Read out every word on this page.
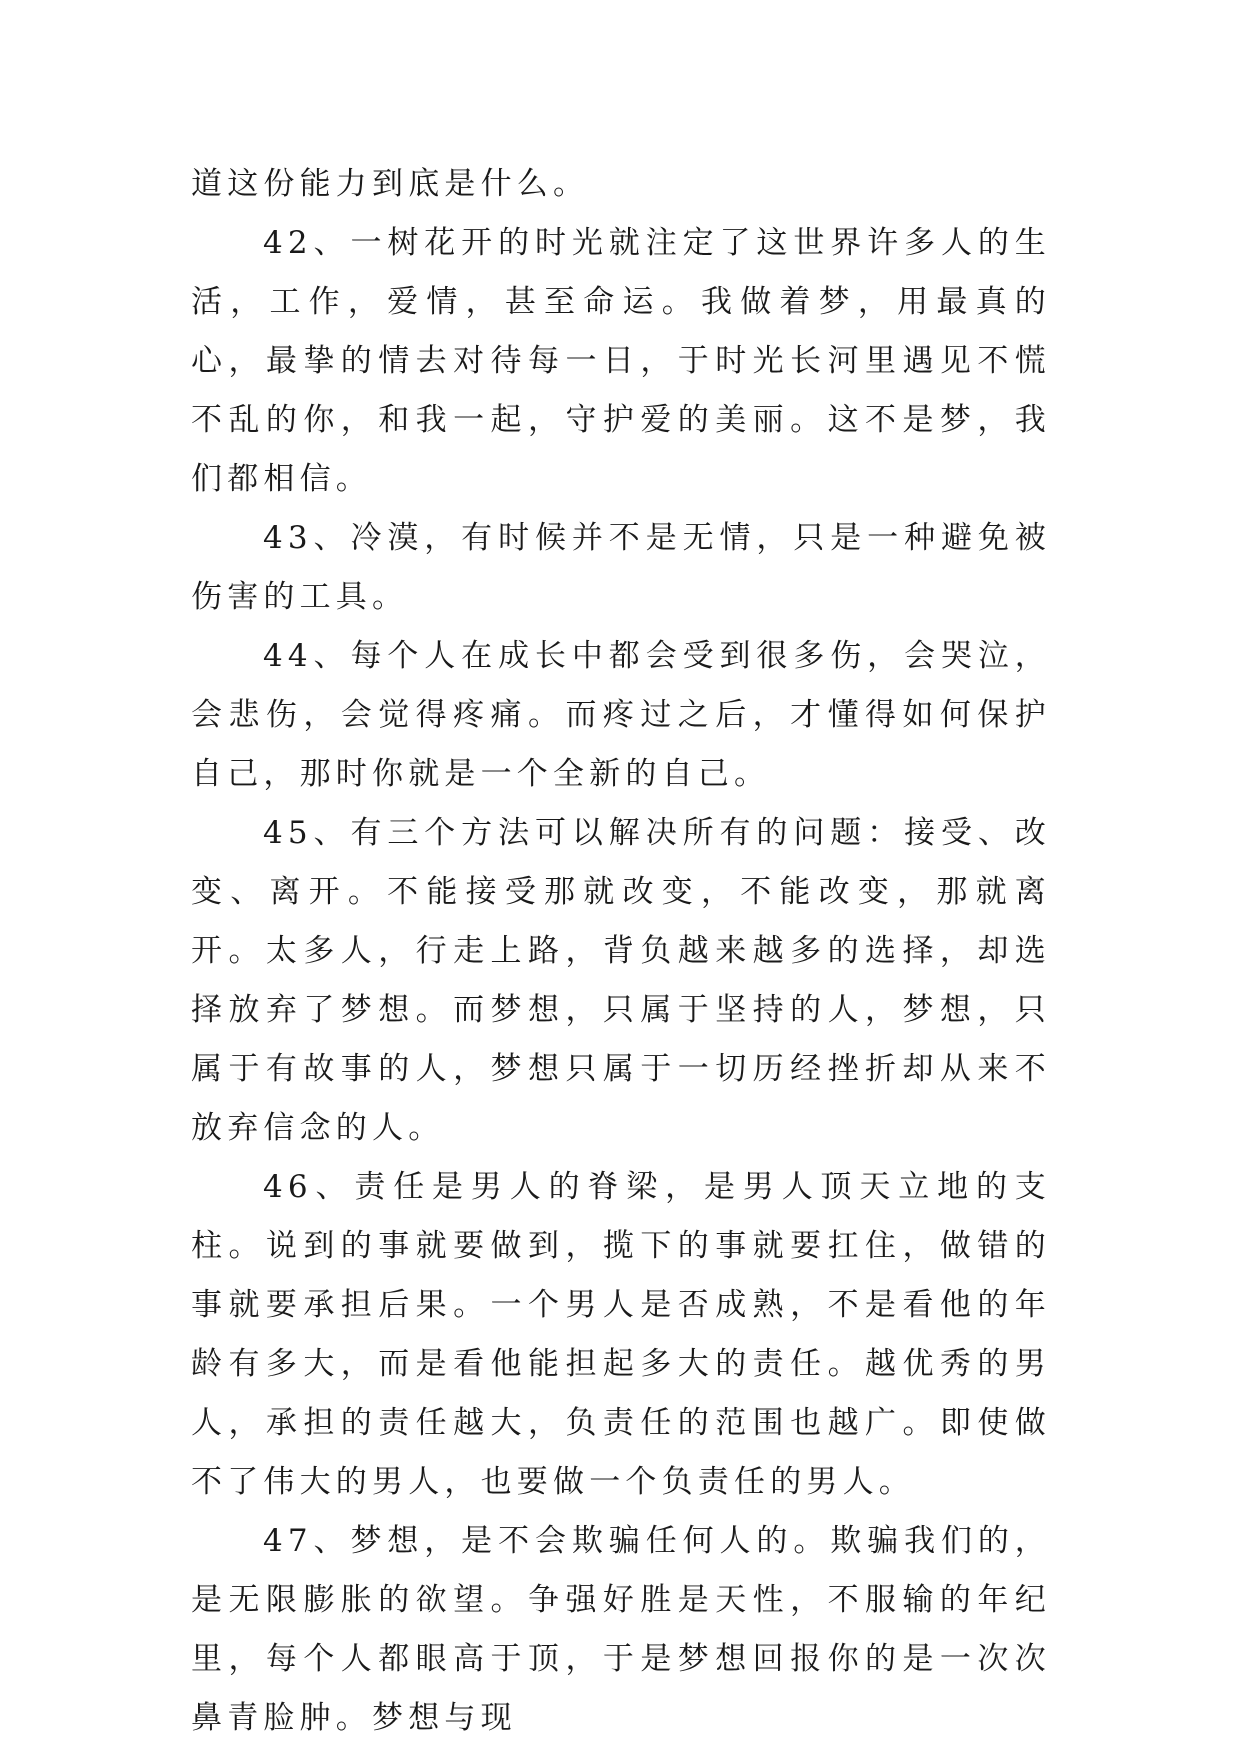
道这份能力到底是什么。

42、一树花开的时光就注定了这世界许多人的生活，工作，爱情，甚至命运。我做着梦，用最真的心，最挚的情去对待每一日，于时光长河里遇见不慌不乱的你，和我一起，守护爱的美丽。这不是梦，我们都相信。

43、冷漠，有时候并不是无情，只是一种避免被伤害的工具。

44、每个人在成长中都会受到很多伤，会哭泣，会悲伤，会觉得疼痛。而疼过之后，才懂得如何保护自己，那时你就是一个全新的自己。

45、有三个方法可以解决所有的问题：接受、改变、离开。不能接受那就改变，不能改变，那就离开。太多人，行走上路，背负越来越多的选择，却选择放弃了梦想。而梦想，只属于坚持的人，梦想，只属于有故事的人，梦想只属于一切历经挫折却从来不放弃信念的人。

46、责任是男人的脊梁，是男人顶天立地的支柱。说到的事就要做到，揽下的事就要扛住，做错的事就要承担后果。一个男人是否成熟，不是看他的年龄有多大，而是看他能担起多大的责任。越优秀的男人，承担的责任越大，负责任的范围也越广。即使做不了伟大的男人，也要做一个负责任的男人。

47、梦想，是不会欺骗任何人的。欺骗我们的，是无限膨胀的欲望。争强好胜是天性，不服输的年纪里，每个人都眼高于顶，于是梦想回报你的是一次次鼻青脸肿。梦想与现
